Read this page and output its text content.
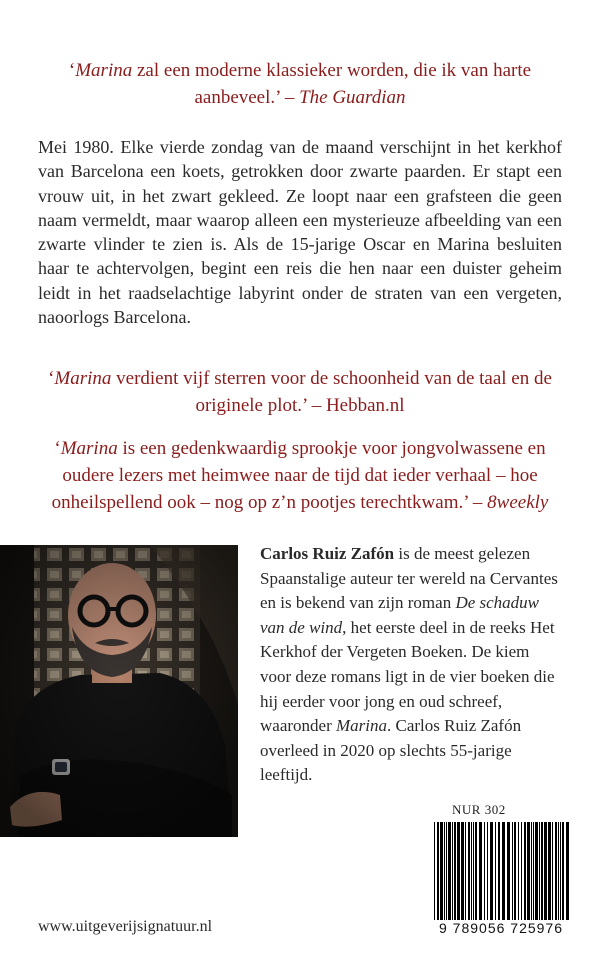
‘Marina zal een moderne klassieker worden, die ik van harte aanbeveel.’ – The Guardian
Mei 1980. Elke vierde zondag van de maand verschijnt in het kerkhof van Barcelona een koets, getrokken door zwarte paarden. Er stapt een vrouw uit, in het zwart gekleed. Ze loopt naar een grafsteen die geen naam vermeldt, maar waarop alleen een mysterieuze afbeelding van een zwarte vlinder te zien is. Als de 15-jarige Oscar en Marina besluiten haar te achtervolgen, begint een reis die hen naar een duister geheim leidt in het raadselachtige labyrint onder de straten van een vergeten, naoorlogs Barcelona.
‘Marina verdient vijf sterren voor de schoonheid van de taal en de originele plot.’ – Hebban.nl
‘Marina is een gedenkwaardig sprookje voor jongvolwassene en oudere lezers met heimwee naar de tijd dat ieder verhaal – hoe onheilspellend ook – nog op z’n pootjes terechtkwam.’ – 8weekly
Carlos Ruiz Zafón is de meest gelezen Spaanstalige auteur ter wereld na Cervantes en is bekend van zijn roman De schaduw van de wind, het eerste deel in de reeks Het Kerkhof der Vergeten Boeken. De kiem voor deze romans ligt in de vier boeken die hij eerder voor jong en oud schreef, waaronder Marina. Carlos Ruiz Zafón overleed in 2020 op slechts 55-jarige leeftijd.
NUR 302
9 789056 725976
www.uitgeverijsignatuur.nl
